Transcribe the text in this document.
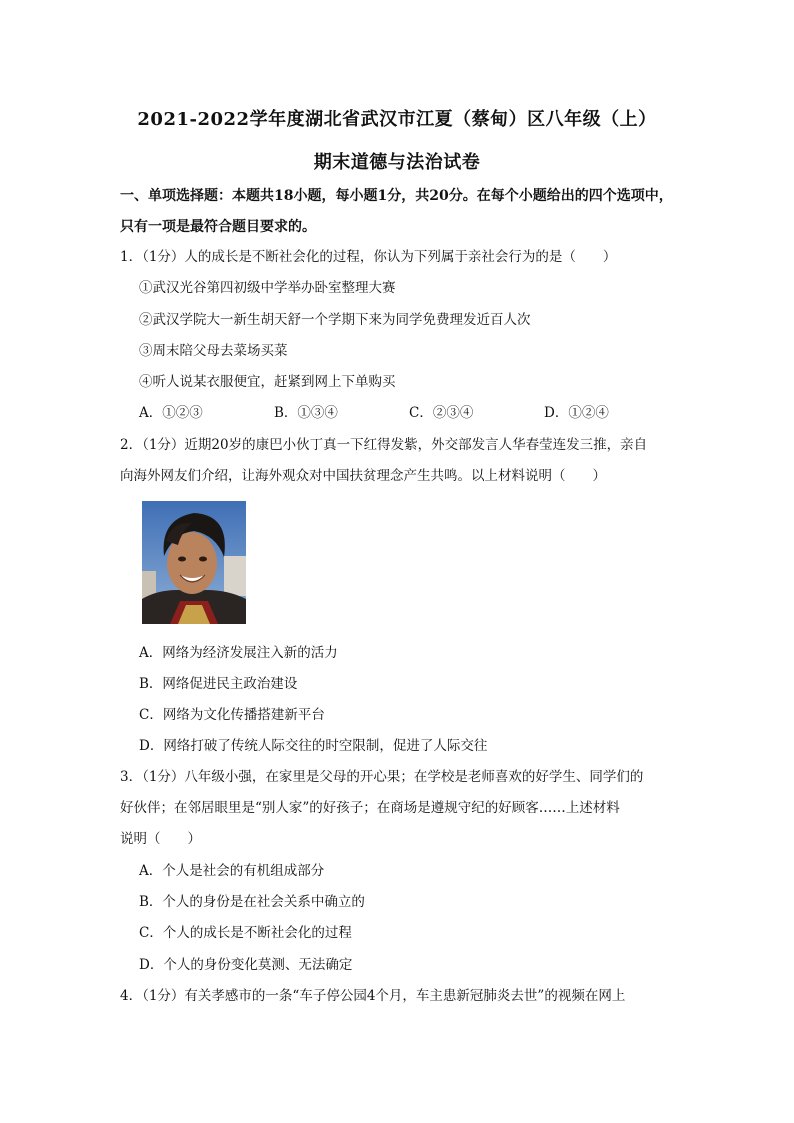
2021-2022学年度湖北省武汉市江夏（蔡甸）区八年级（上）
期末道德与法治试卷
一、单项选择题：本题共18小题，每小题1分，共20分。在每个小题给出的四个选项中，
只有一项是最符合题目要求的。
1．（1分）人的成长是不断社会化的过程，你认为下列属于亲社会行为的是（　　）
①武汉光谷第四初级中学举办卧室整理大赛
②武汉学院大一新生胡天舒一个学期下来为同学免费理发近百人次
③周末陪父母去菜场买菜
④听人说某衣服便宜，赶紧到网上下单购买
A．①②③	B．①③④	C．②③④	D．①②④
2．（1分）近期20岁的康巴小伙丁真一下红得发紫，外交部发言人华春莹连发三推，亲自
向海外网友们介绍，让海外观众对中国扶贫理念产生共鸣。以上材料说明（　　）
A．网络为经济发展注入新的活力
B．网络促进民主政治建设
C．网络为文化传播搭建新平台
D．网络打破了传统人际交往的时空限制，促进了人际交往
3．（1分）八年级小强，在家里是父母的开心果；在学校是老师喜欢的好学生、同学们的
好伙伴；在邻居眼里是“别人家”的好孩子；在商场是遵规守纪的好顾客……上述材料
说明（　　）
A．个人是社会的有机组成部分
B．个人的身份是在社会关系中确立的
C．个人的成长是不断社会化的过程
D．个人的身份变化莫测、无法确定
4．（1分）有关孝感市的一条“车子停公园4个月，车主患新冠肺炎去世”的视频在网上
